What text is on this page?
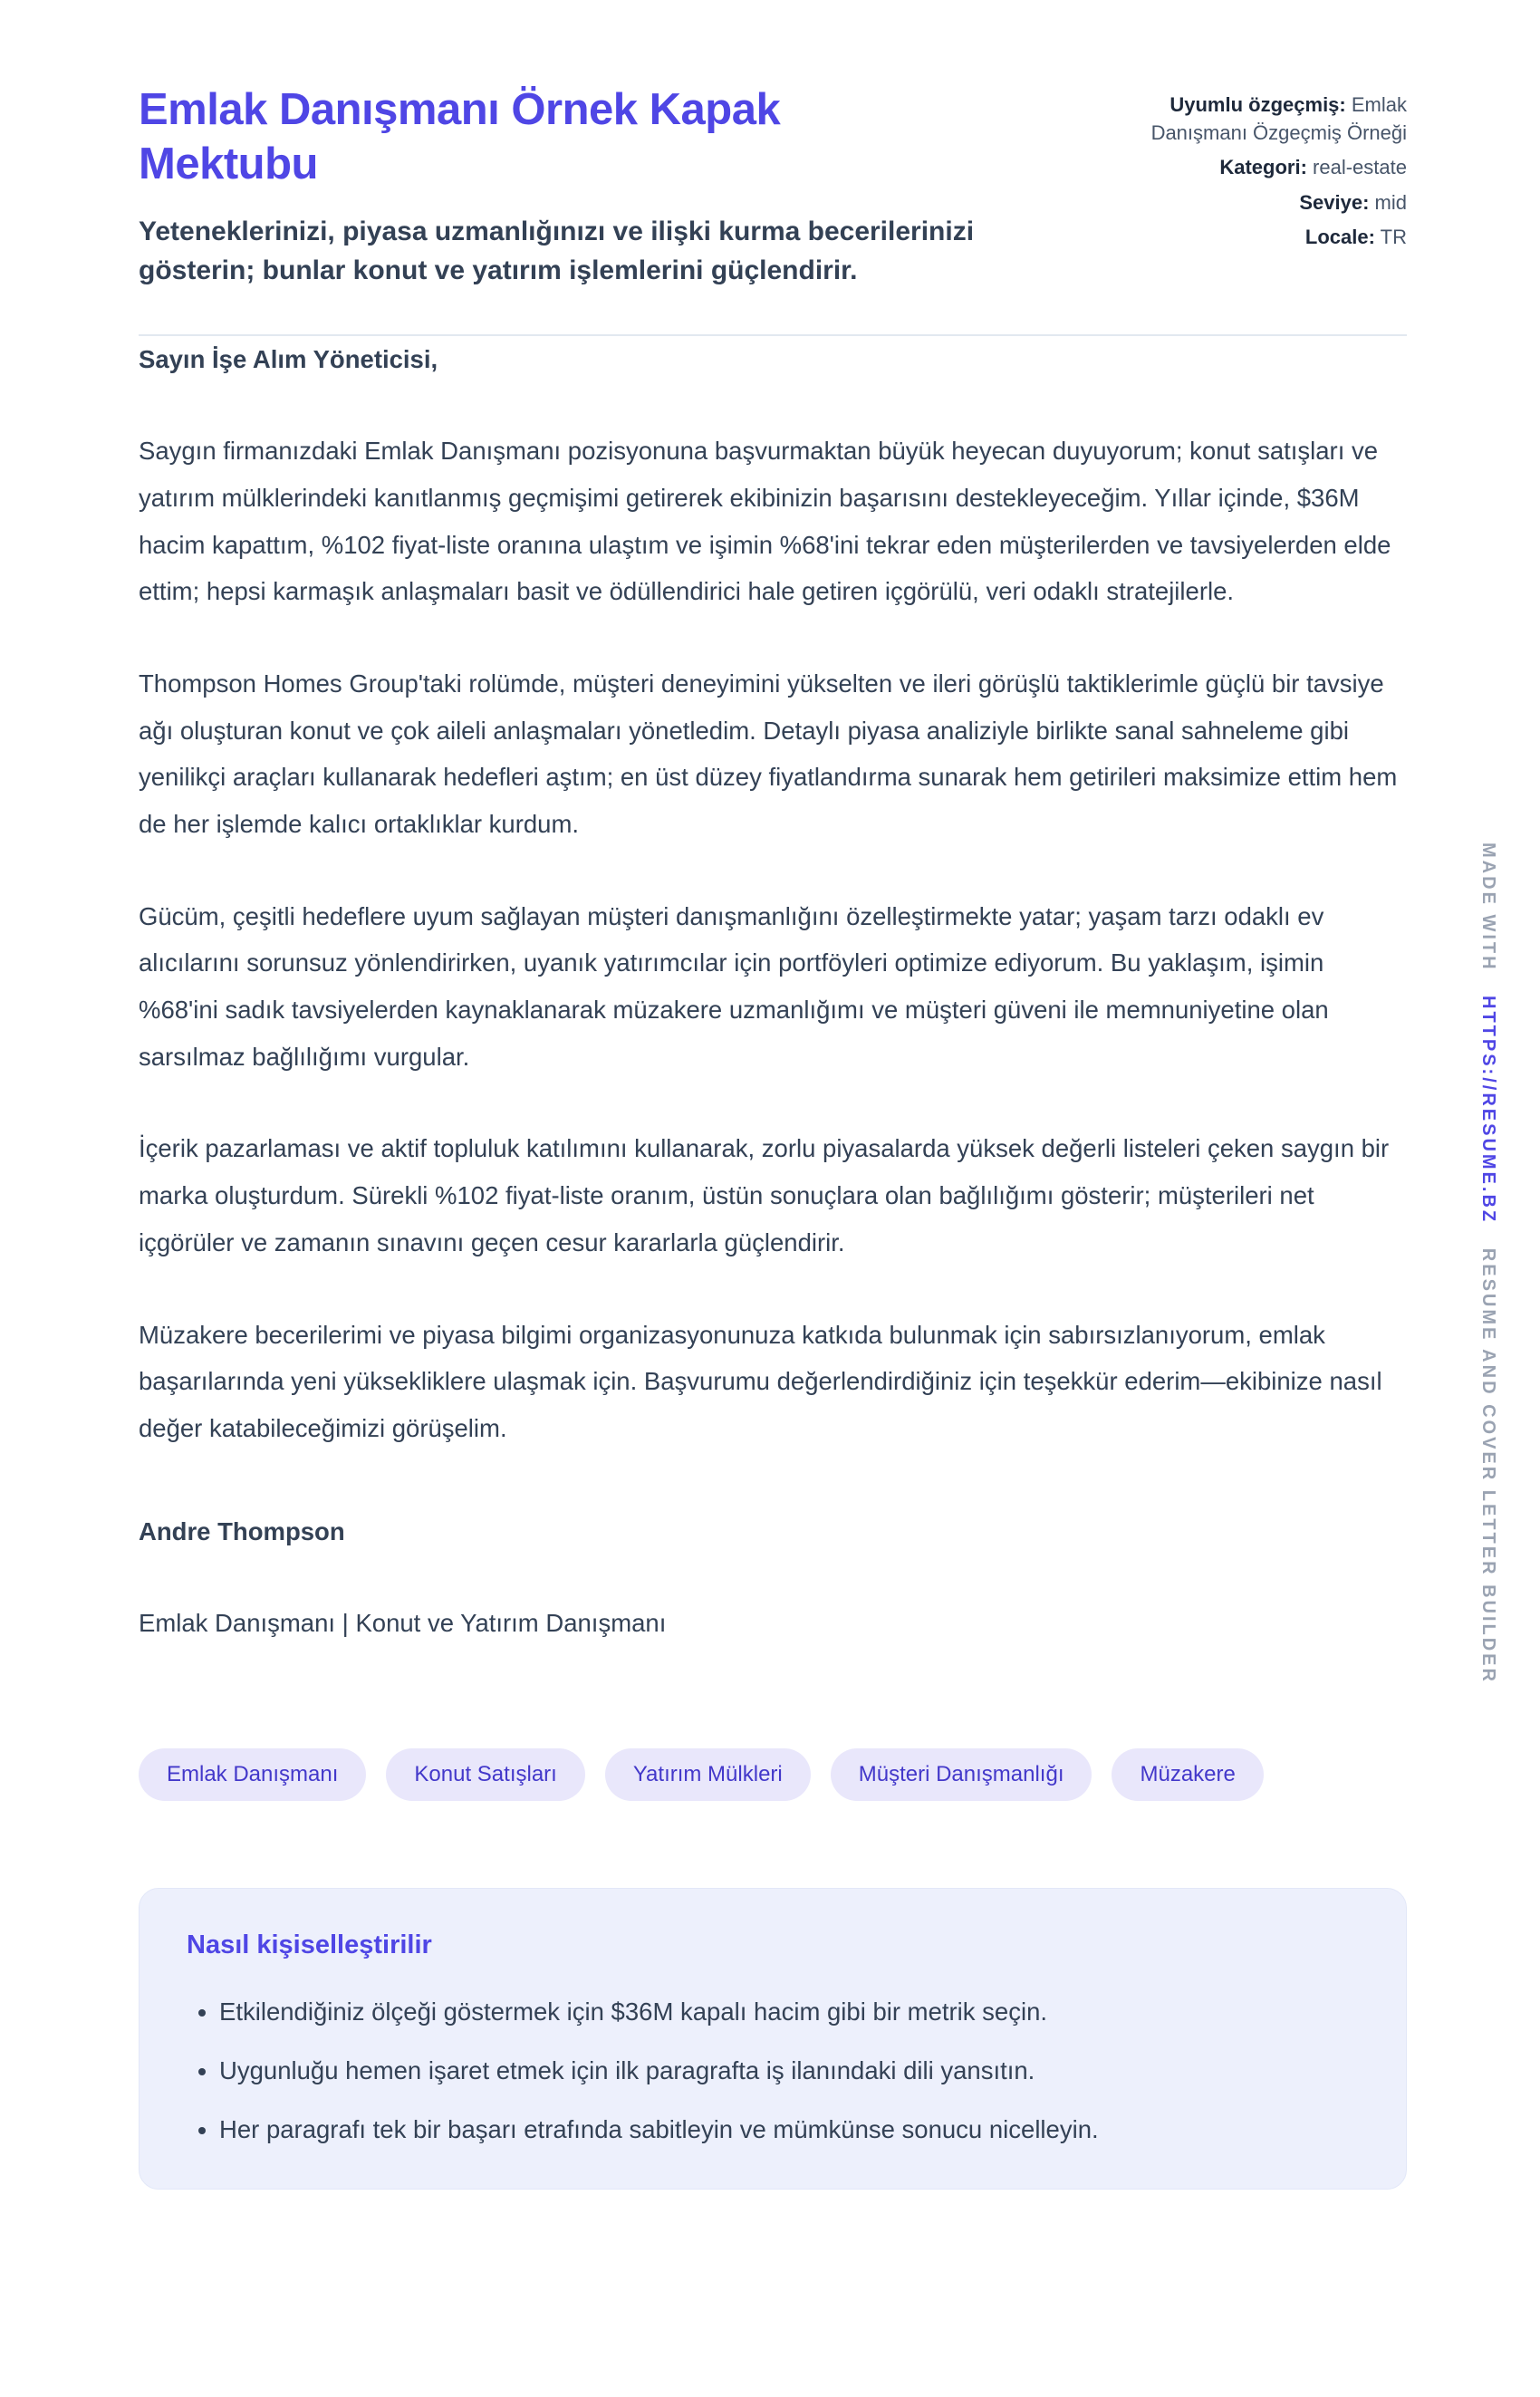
Emlak Danışmanı Örnek Kapak Mektubu

Yeteneklerinizi, piyasa uzmanlığınızı ve ilişki kurma becerilerinizi gösterin; bunlar konut ve yatırım işlemlerini güçlendirir.

Uyumlu özgeçmiş: Emlak Danışmanı Özgeçmiş Örneği
Kategori: real-estate
Seviye: mid
Locale: TR

Sayın İşe Alım Yöneticisi,

Saygın firmanızdaki Emlak Danışmanı pozisyonuna başvurmaktan büyük heyecan duyuyorum; konut satışları ve yatırım mülklerindeki kanıtlanmış geçmişimi getirerek ekibinizin başarısını destekleyeceğim. Yıllar içinde, $36M hacim kapattım, %102 fiyat-liste oranına ulaştım ve işimin %68'ini tekrar eden müşterilerden ve tavsiyelerden elde ettim; hepsi karmaşık anlaşmaları basit ve ödüllendirici hale getiren içgörülü, veri odaklı stratejilerle.

Thompson Homes Group'taki rolümde, müşteri deneyimini yükselten ve ileri görüşlü taktiklerimle güçlü bir tavsiye ağı oluşturan konut ve çok aileli anlaşmaları yönetledim. Detaylı piyasa analiziyle birlikte sanal sahneleme gibi yenilikçi araçları kullanarak hedefleri aştım; en üst düzey fiyatlandırma sunarak hem getirileri maksimize ettim hem de her işlemde kalıcı ortaklıklar kurdum.

Gücüm, çeşitli hedeflere uyum sağlayan müşteri danışmanlığını özelleştirmekte yatar; yaşam tarzı odaklı ev alıcılarını sorunsuz yönlendirirken, uyanık yatırımcılar için portföyleri optimize ediyorum. Bu yaklaşım, işimin %68'ini sadık tavsiyelerden kaynaklanarak müzakere uzmanlığımı ve müşteri güveni ile memnuniyetine olan sarsılmaz bağlılığımı vurgular.

İçerik pazarlaması ve aktif topluluk katılımını kullanarak, zorlu piyasalarda yüksek değerli listeleri çeken saygın bir marka oluşturdum. Sürekli %102 fiyat-liste oranım, üstün sonuçlara olan bağlılığımı gösterir; müşterileri net içgörüler ve zamanın sınavını geçen cesur kararlarla güçlendirir.

Müzakere becerilerimi ve piyasa bilgimi organizasyonunuza katkıda bulunmak için sabırsızlanıyorum, emlak başarılarında yeni yüksekliklere ulaşmak için. Başvurumu değerlendirdiğiniz için teşekkür ederim—ekibinize nasıl değer katabileceğimizi görüşelim.

Andre Thompson

Emlak Danışmanı | Konut ve Yatırım Danışmanı

Emlak Danışmanı	Konut Satışları	Yatırım Mülkleri	Müşteri Danışmanlığı	Müzakere
Nasıl kişiselleştirilir
• Etkilendiğiniz ölçeği göstermek için $36M kapalı hacim gibi bir metrik seçin.
• Uygunluğu hemen işaret etmek için ilk paragrafta iş ilanındaki dili yansıtın.
• Her paragrafı tek bir başarı etrafında sabitleyin ve mümkünse sonucu nicelleyin.
MADE WITH HTTPS://RESUME.BZ RESUME AND COVER LETTER BUILDER
